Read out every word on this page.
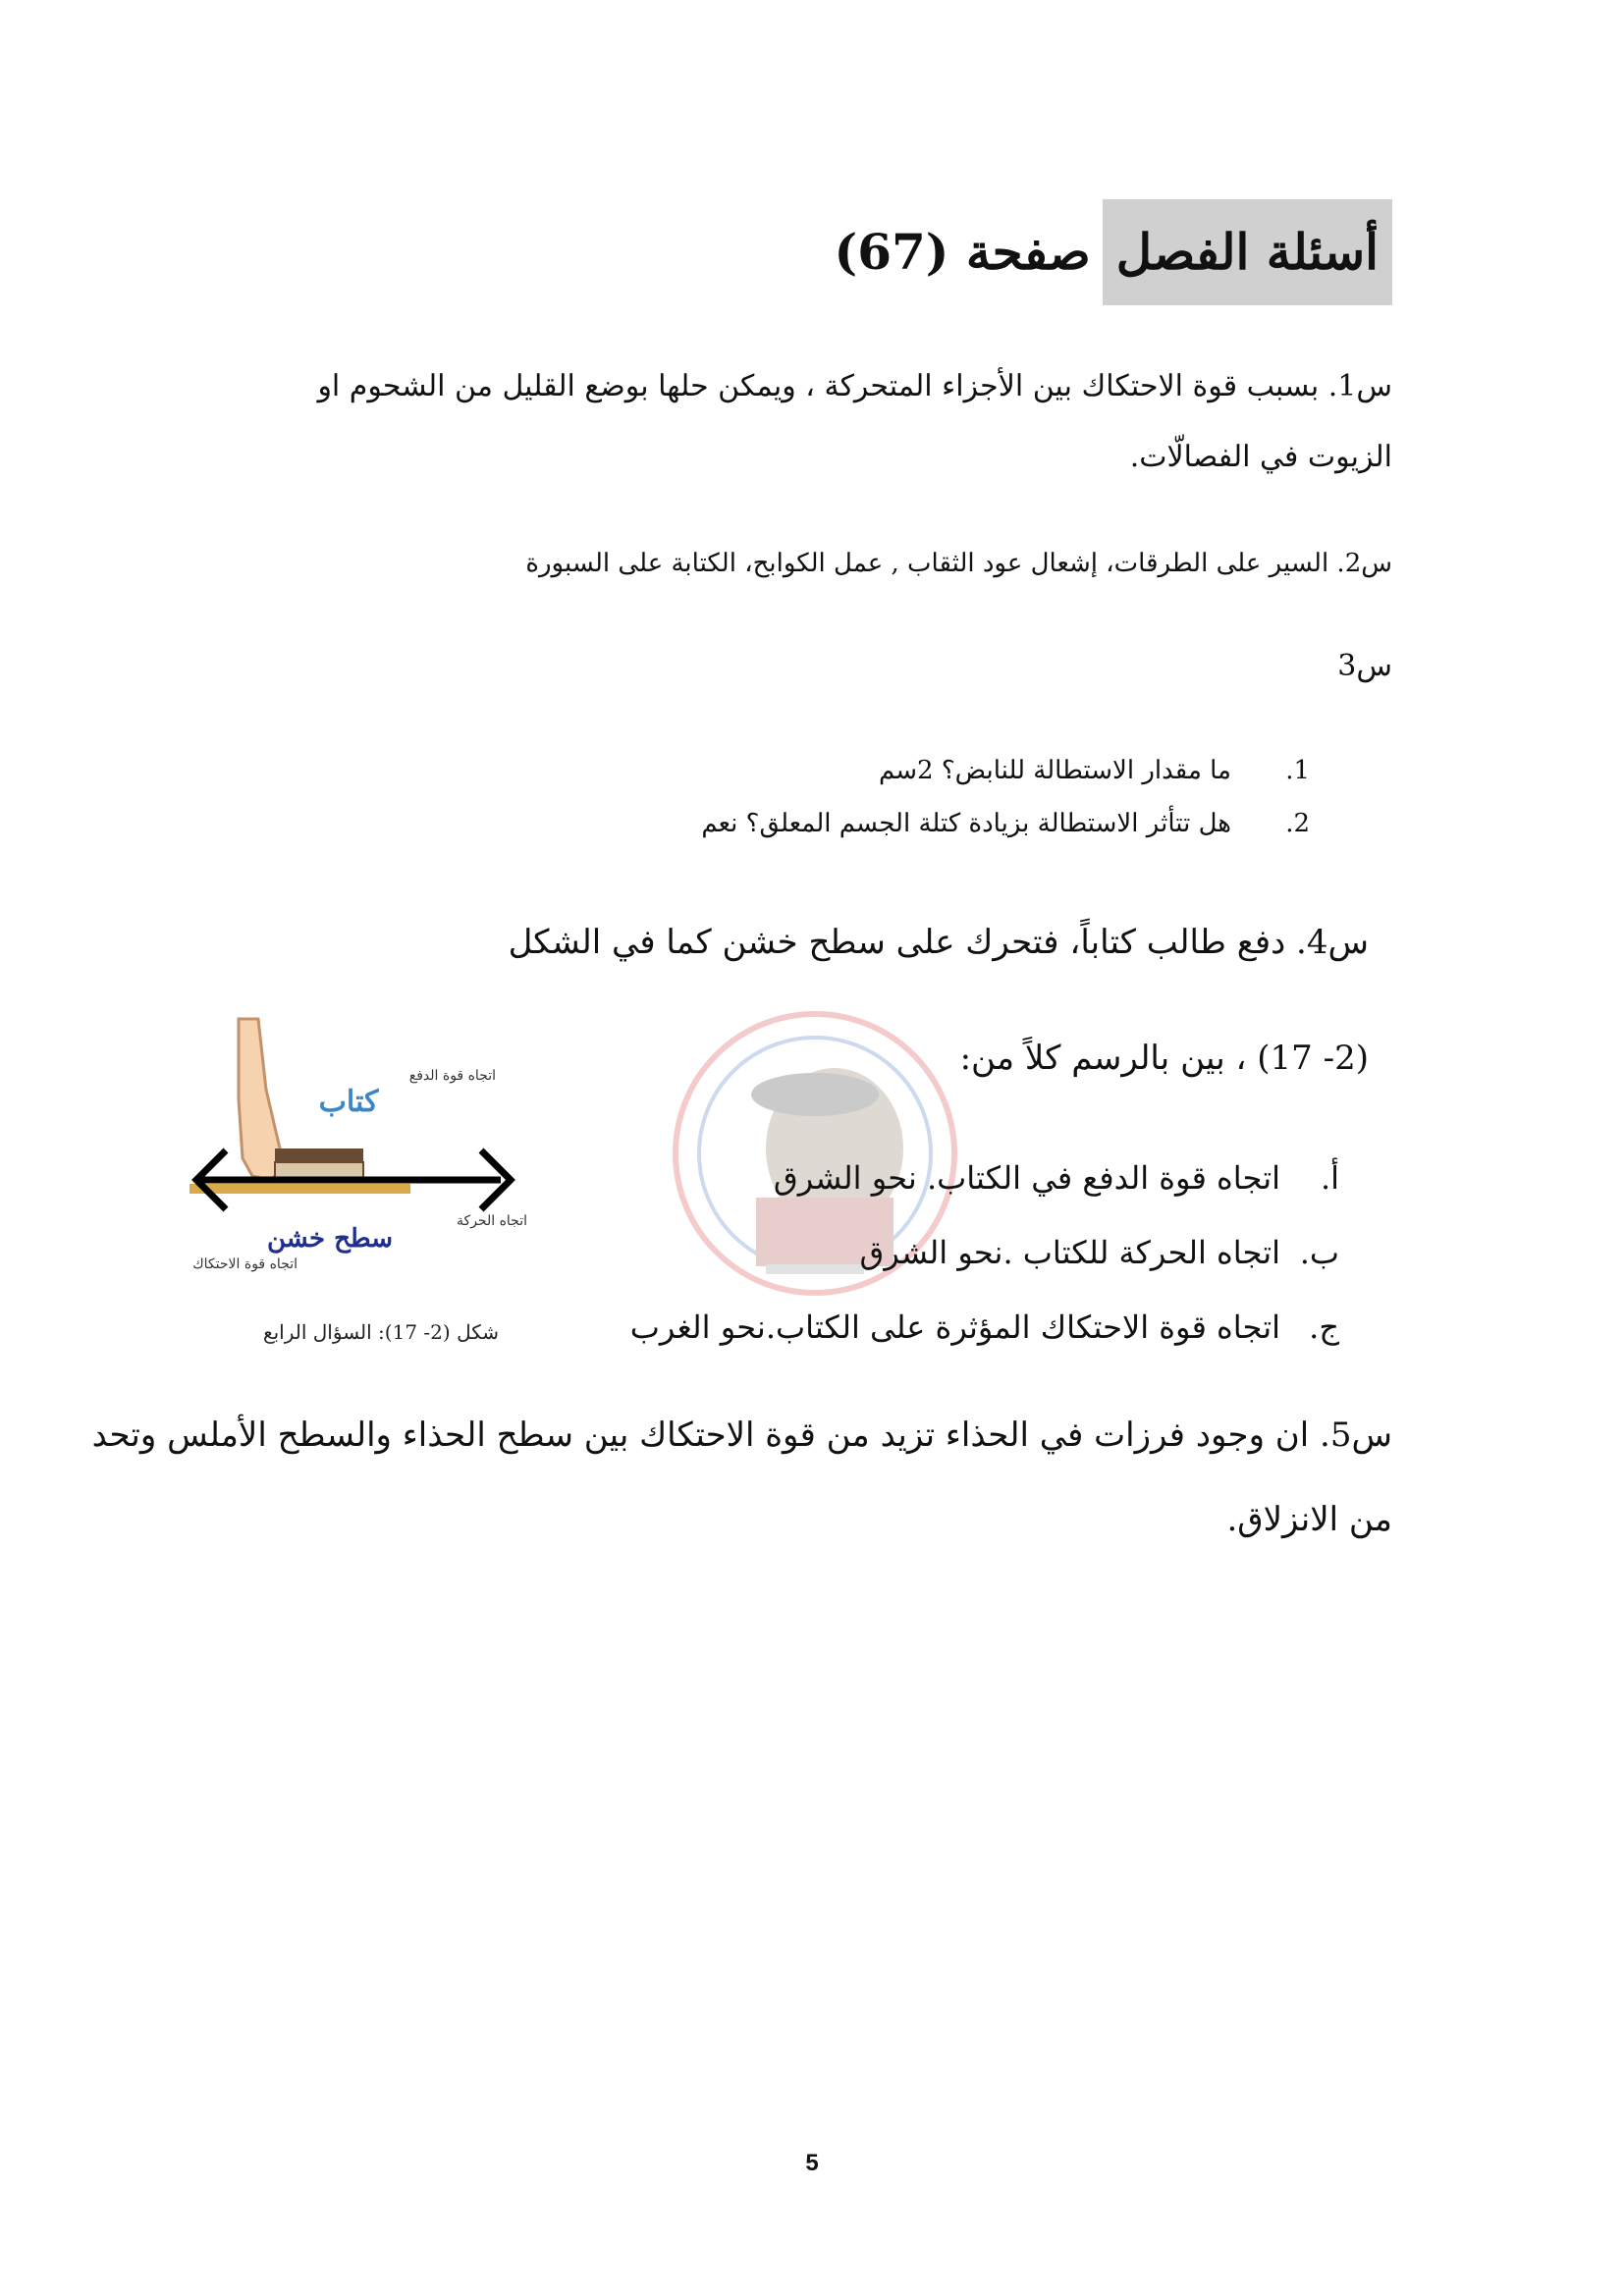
أسئلة الفصل
صفحة (67)
س1. بسبب قوة الاحتكاك بين الأجزاء المتحركة ، ويمكن حلها بوضع القليل من الشحوم او
الزيوت في الفصالّات.
س2. السير على الطرقات، إشعال عود الثقاب , عمل الكوابح، الكتابة على السبورة
س3
1.
ما مقدار الاستطالة للنابض؟ 2سم
2.
هل تتأثر الاستطالة بزيادة كتلة الجسم المعلق؟ نعم
س4. دفع طالب كتاباً، فتحرك على سطح خشن كما في الشكل
(2- 17) ، بين بالرسم كلاً من:
أ.
اتجاه قوة الدفع في الكتاب. نحو الشرق
ب.
اتجاه الحركة للكتاب .نحو الشرق
ج.
اتجاه قوة الاحتكاك المؤثرة على الكتاب.نحو الغرب
كتاب
اتجاه قوة الدفع
اتجاه الحركة
سطح خشن
اتجاه قوة الاحتكاك
شكل (2- 17): السؤال الرابع
س5. ان وجود فرزات في الحذاء تزيد من قوة الاحتكاك بين سطح الحذاء والسطح الأملس وتحد
من الانزلاق.
5
